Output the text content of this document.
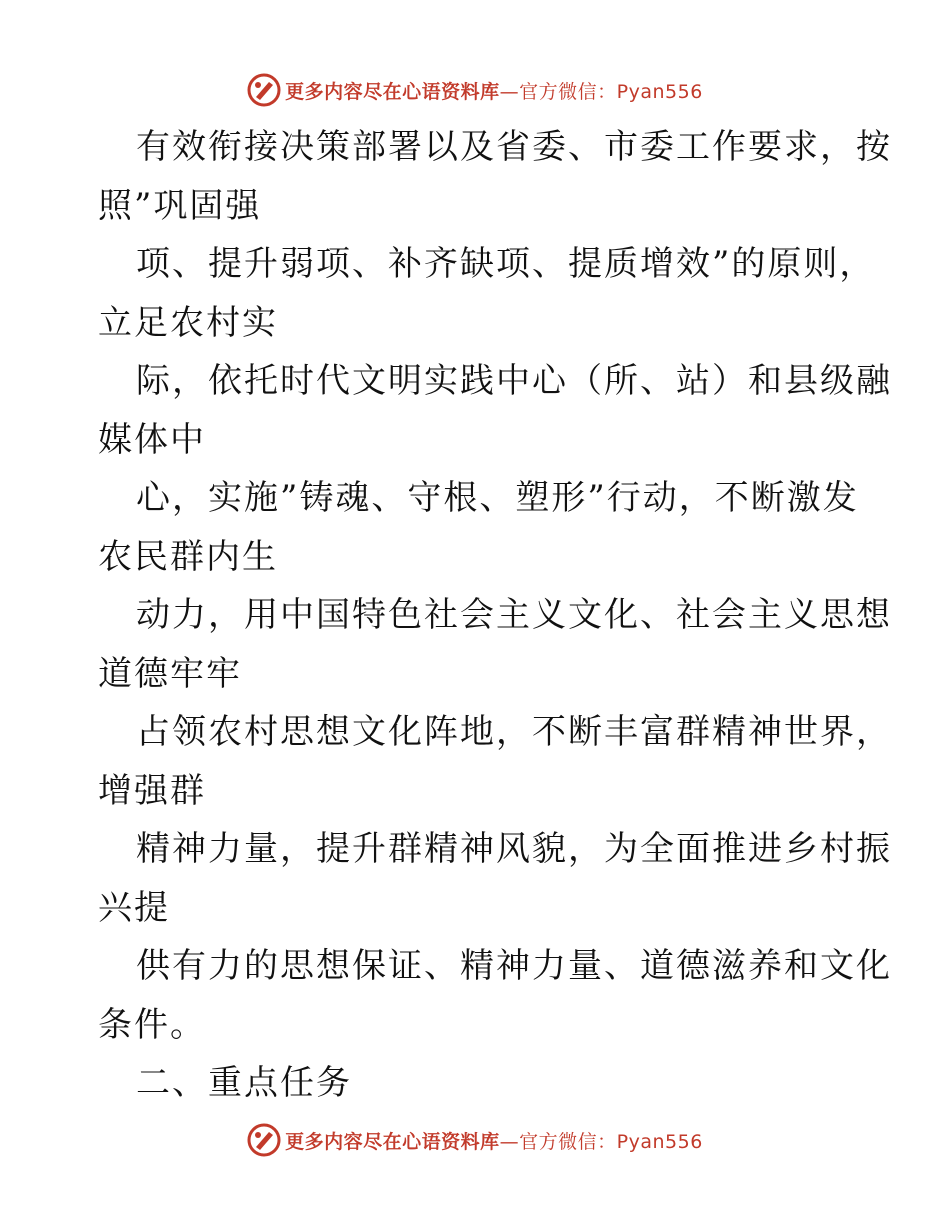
更多内容尽在心语资料库—官方微信：Pyan556
有效衔接决策部署以及省委、市委工作要求，按
照”巩固强
项、提升弱项、补齐缺项、提质增效”的原则，
立足农村实
际，依托时代文明实践中心（所、站）和县级融
媒体中
心，实施”铸魂、守根、塑形”行动，不断激发
农民群内生
动力，用中国特色社会主义文化、社会主义思想
道德牢牢
占领农村思想文化阵地，不断丰富群精神世界，
增强群
精神力量，提升群精神风貌，为全面推进乡村振
兴提
供有力的思想保证、精神力量、道德滋养和文化
条件。
二、重点任务
更多内容尽在心语资料库—官方微信：Pyan556
